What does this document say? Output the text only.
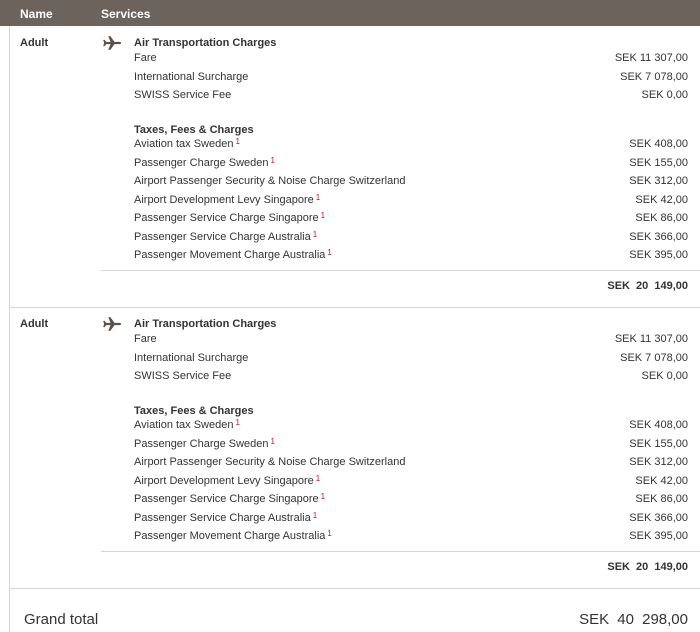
Name	Services
Adult	Air Transportation Charges
Fare	SEK 11 307,00
International Surcharge	SEK 7 078,00
SWISS Service Fee	SEK 0,00
Taxes, Fees & Charges
Aviation tax Sweden $^1$	SEK 408,00
Passenger Charge Sweden $^1$	SEK 155,00
Airport Passenger Security & Noise Charge Switzerland	SEK 312,00
Airport Development Levy Singapore $^1$	SEK 42,00
Passenger Service Charge Singapore $^1$	SEK 86,00
Passenger Service Charge Australia $^1$	SEK 366,00
Passenger Movement Charge Australia $^1$	SEK 395,00
SEK 20 149,00
Adult	Air Transportation Charges
Fare	SEK 11 307,00
International Surcharge	SEK 7 078,00
SWISS Service Fee	SEK 0,00
Taxes, Fees & Charges
Aviation tax Sweden $^1$	SEK 408,00
Passenger Charge Sweden $^1$	SEK 155,00
Airport Passenger Security & Noise Charge Switzerland	SEK 312,00
Airport Development Levy Singapore $^1$	SEK 42,00
Passenger Service Charge Singapore $^1$	SEK 86,00
Passenger Service Charge Australia $^1$	SEK 366,00
Passenger Movement Charge Australia $^1$	SEK 395,00
SEK 20 149,00
Grand total	SEK 40 298,00
